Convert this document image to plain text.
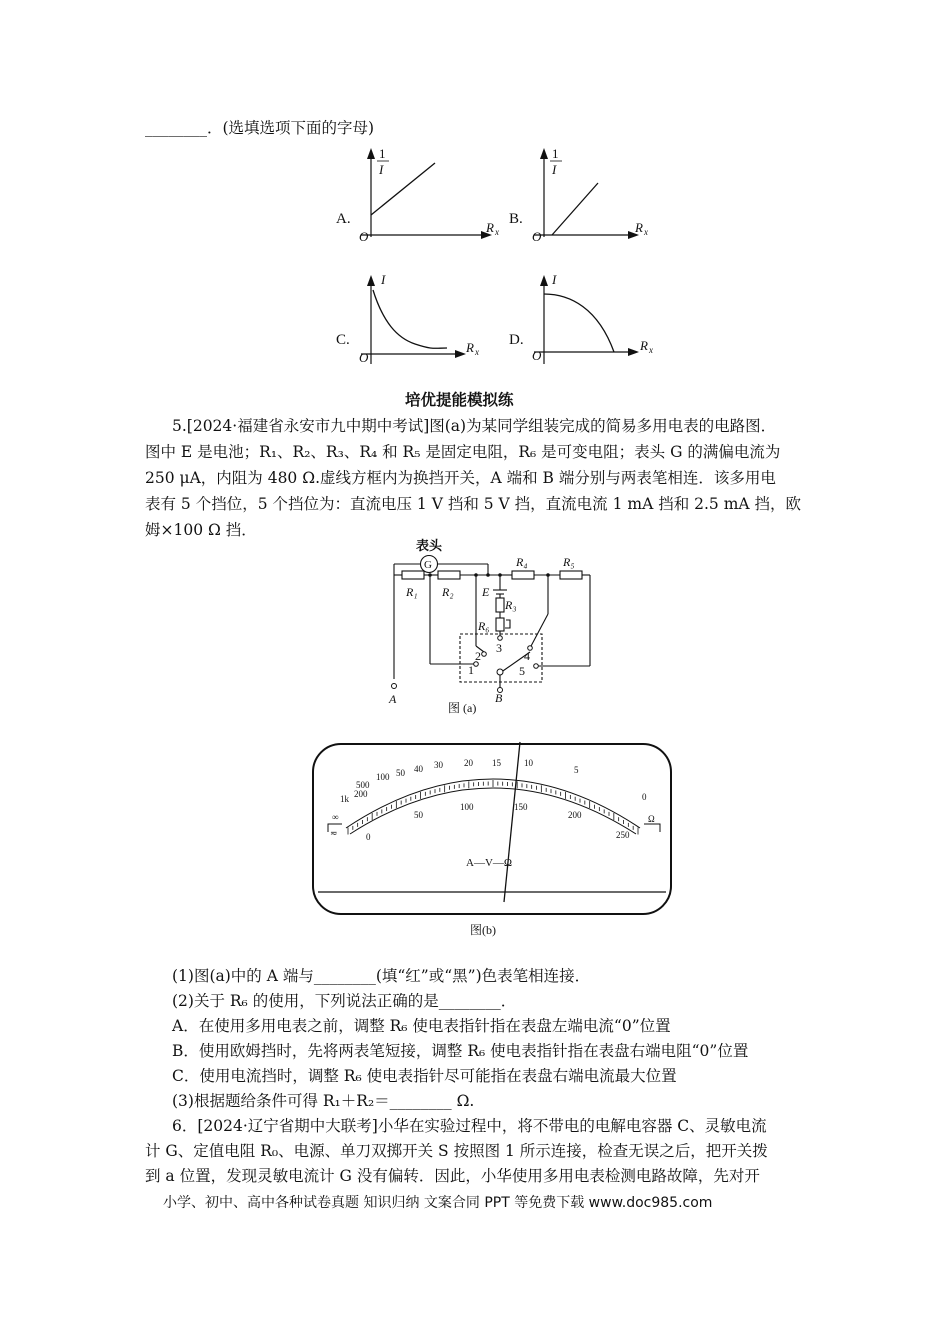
________．(选填选项下面的字母)
A.
1
I
O
R x
B.
1
I
O
R x
C.
I
O
R x
D.
I
O
R x
培优提能模拟练
5.[2024·福建省永安市九中期中考试]图(a)为某同学组装完成的简易多用电表的电路图．
图中 E 是电池；R₁、R₂、R₃、R₄ 和 R₅ 是固定电阻，R₆ 是可变电阻；表头 G 的满偏电流为
250 μA，内阻为 480 Ω.虚线方框内为换挡开关，A 端和 B 端分别与两表笔相连．该多用电
表有 5 个挡位，5 个挡位为：直流电压 1 V 挡和 5 V 挡，直流电流 1 mA 挡和 2.5 mA 挡，欧
姆×100 Ω 挡．
表头
G
R₁ R₂
R₄	R₅
E
R₃
R₆
1
2
3
4
5
A	B
图 (a)
∞
1k
500
200
100 50 40 30 20 15	10
5
0
0
50
100	150
200
250
≂
Ω
A—V—Ω
图(b)
(1)图(a)中的 A 端与________(填“红”或“黑”)色表笔相连接．
(2)关于 R₆ 的使用，下列说法正确的是________．
A．在使用多用电表之前，调整 R₆ 使电表指针指在表盘左端电流“0”位置
B．使用欧姆挡时，先将两表笔短接，调整 R₆ 使电表指针指在表盘右端电阻“0”位置
C．使用电流挡时，调整 R₆ 使电表指针尽可能指在表盘右端电流最大位置
(3)根据题给条件可得 R₁＋R₂＝________ Ω.
6．[2024·辽宁省期中大联考]小华在实验过程中，将不带电的电解电容器 C、灵敏电流
计 G、定值电阻 R₀、电源、单刀双掷开关 S 按照图 1 所示连接，检查无误之后，把开关拨
到 a 位置，发现灵敏电流计 G 没有偏转．因此，小华使用多用电表检测电路故障，先对开
小学、初中、高中各种试卷真题 知识归纳 文案合同 PPT 等免费下载 www.doc985.com
